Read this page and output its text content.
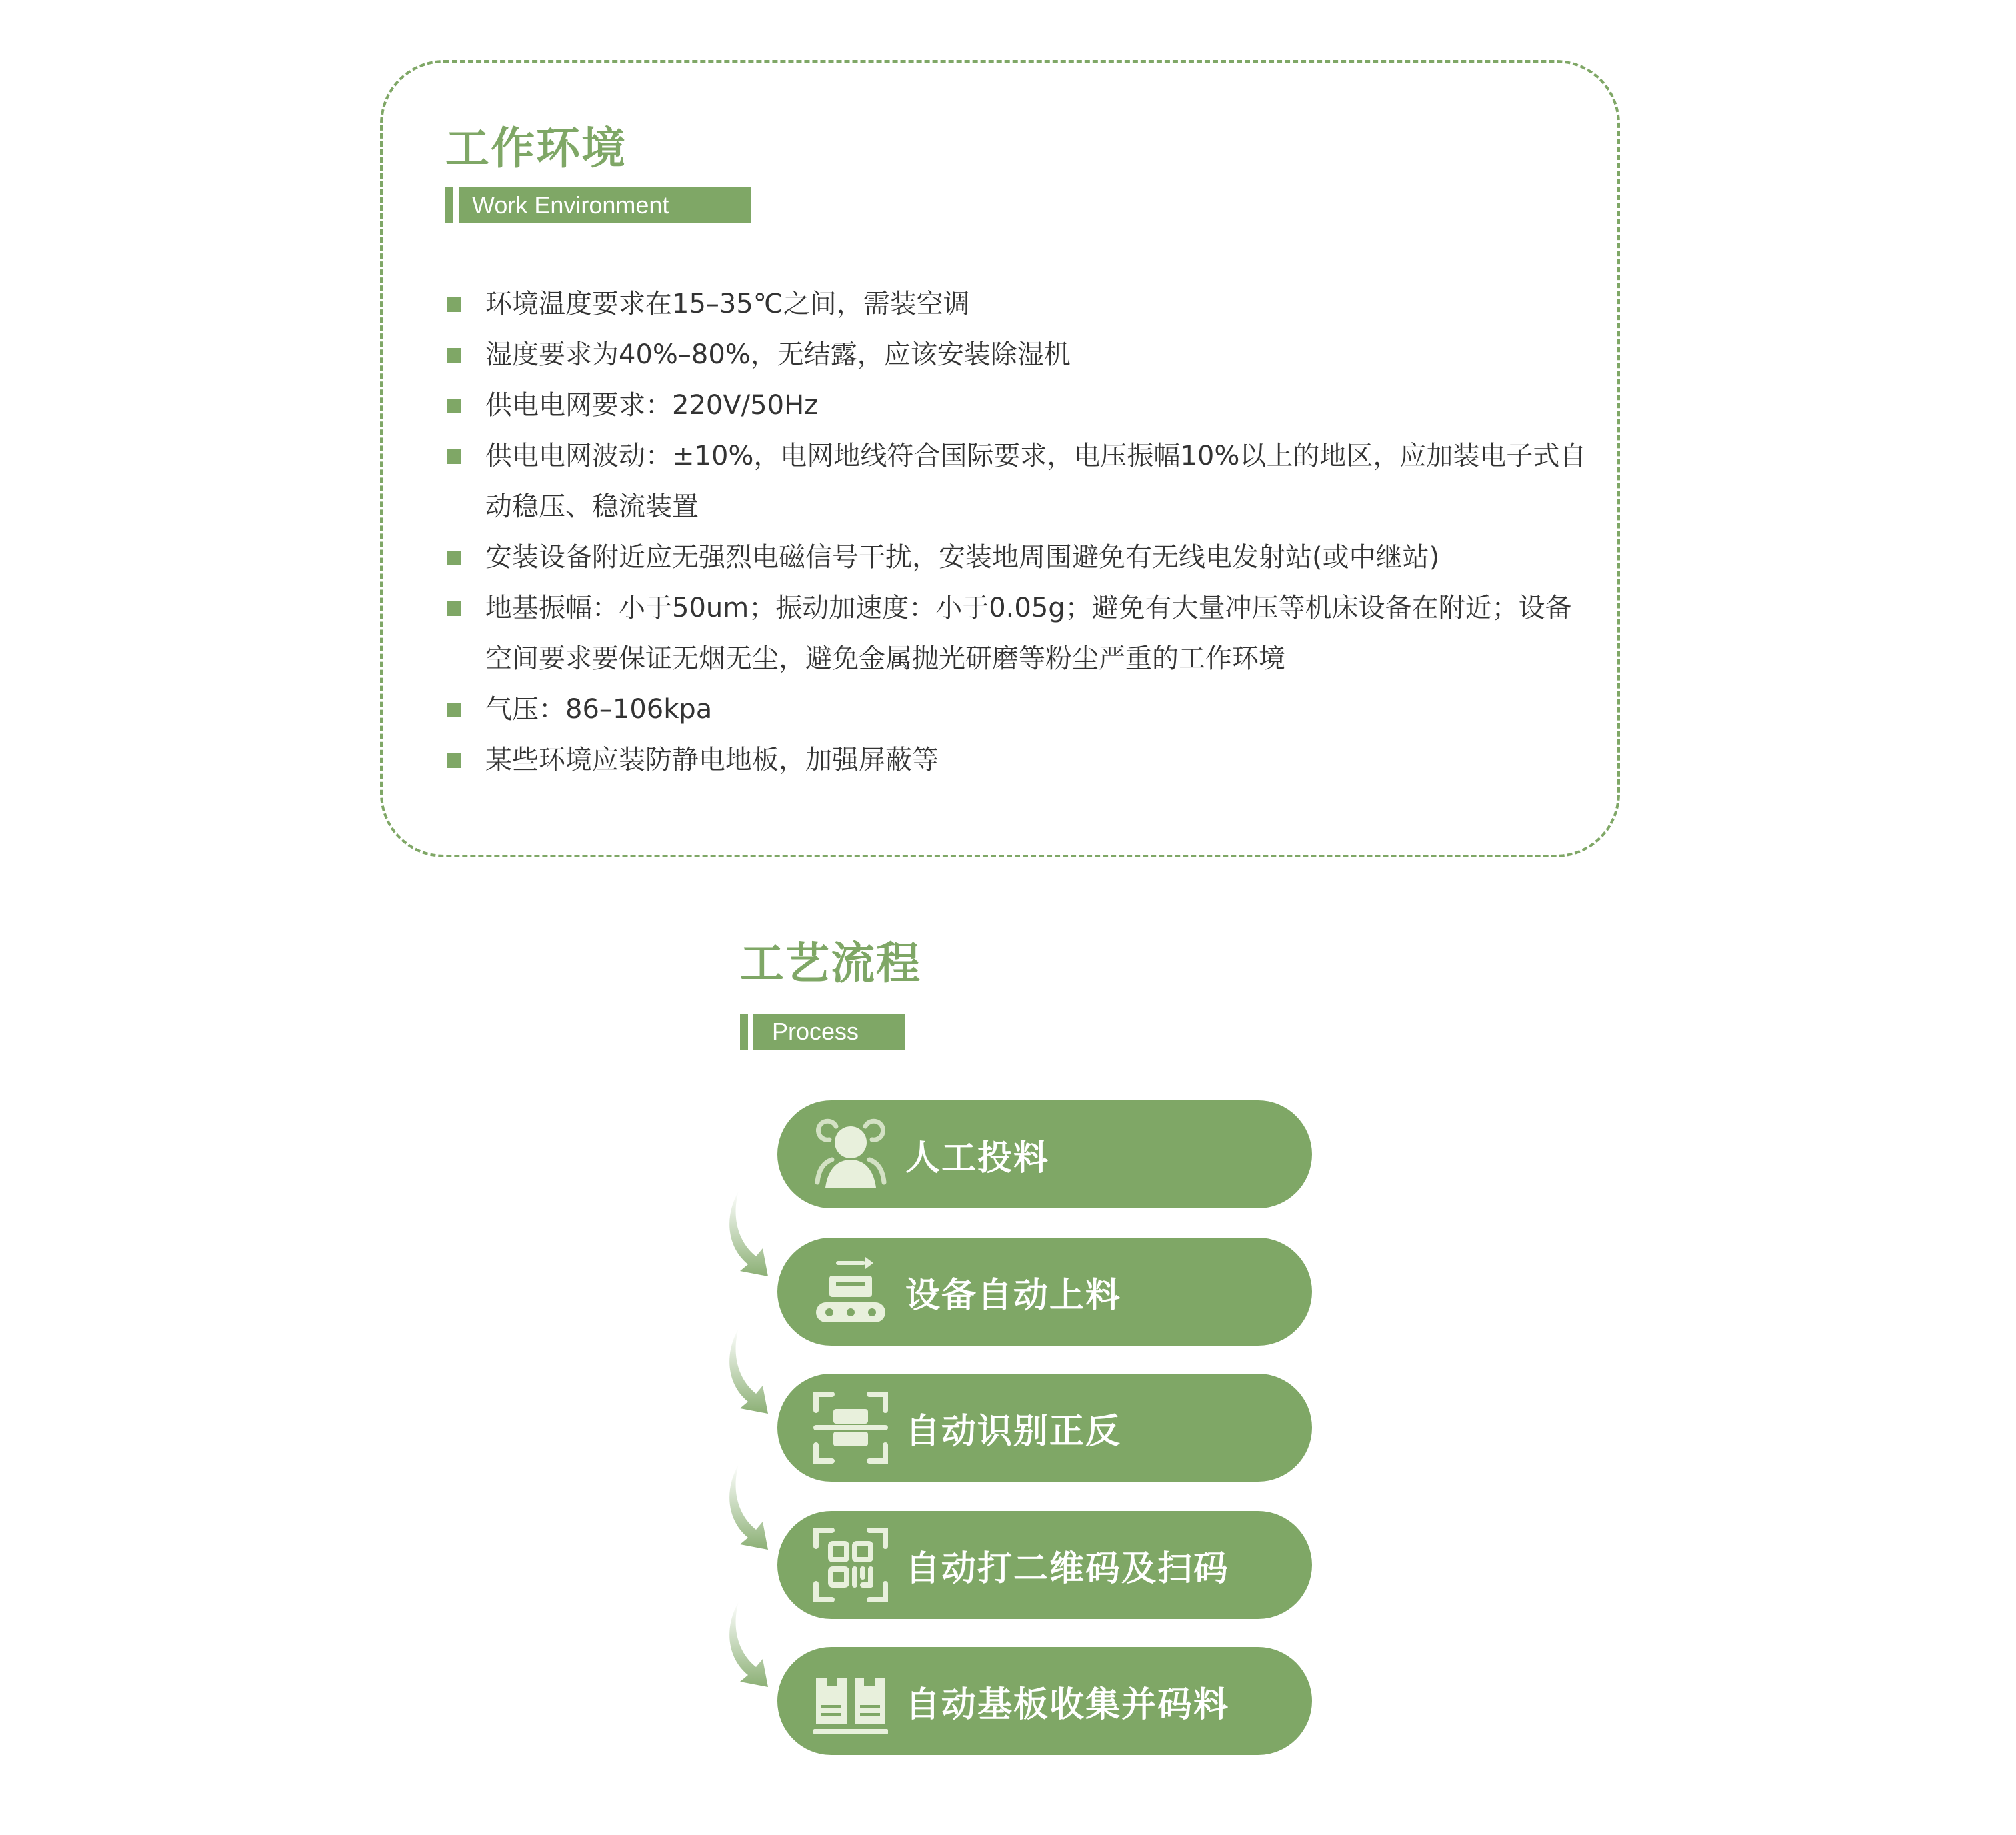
工作环境
Work Environment
环境温度要求在15–35℃之间，需装空调
湿度要求为40%–80%，无结露，应该安装除湿机
供电电网要求：220V/50Hz
供电电网波动：±10%，电网地线符合国际要求，电压振幅10%以上的地区，应加装电子式自动稳压、稳流装置
安装设备附近应无强烈电磁信号干扰，安装地周围避免有无线电发射站(或中继站)
地基振幅：小于50um；振动加速度：小于0.05g；避免有大量冲压等机床设备在附近；设备空间要求要保证无烟无尘，避免金属抛光研磨等粉尘严重的工作环境
气压：86–106kpa
某些环境应装防静电地板，加强屏蔽等
工艺流程
Process
人工投料
设备自动上料
自动识别正反
自动打二维码及扫码
自动基板收集并码料
